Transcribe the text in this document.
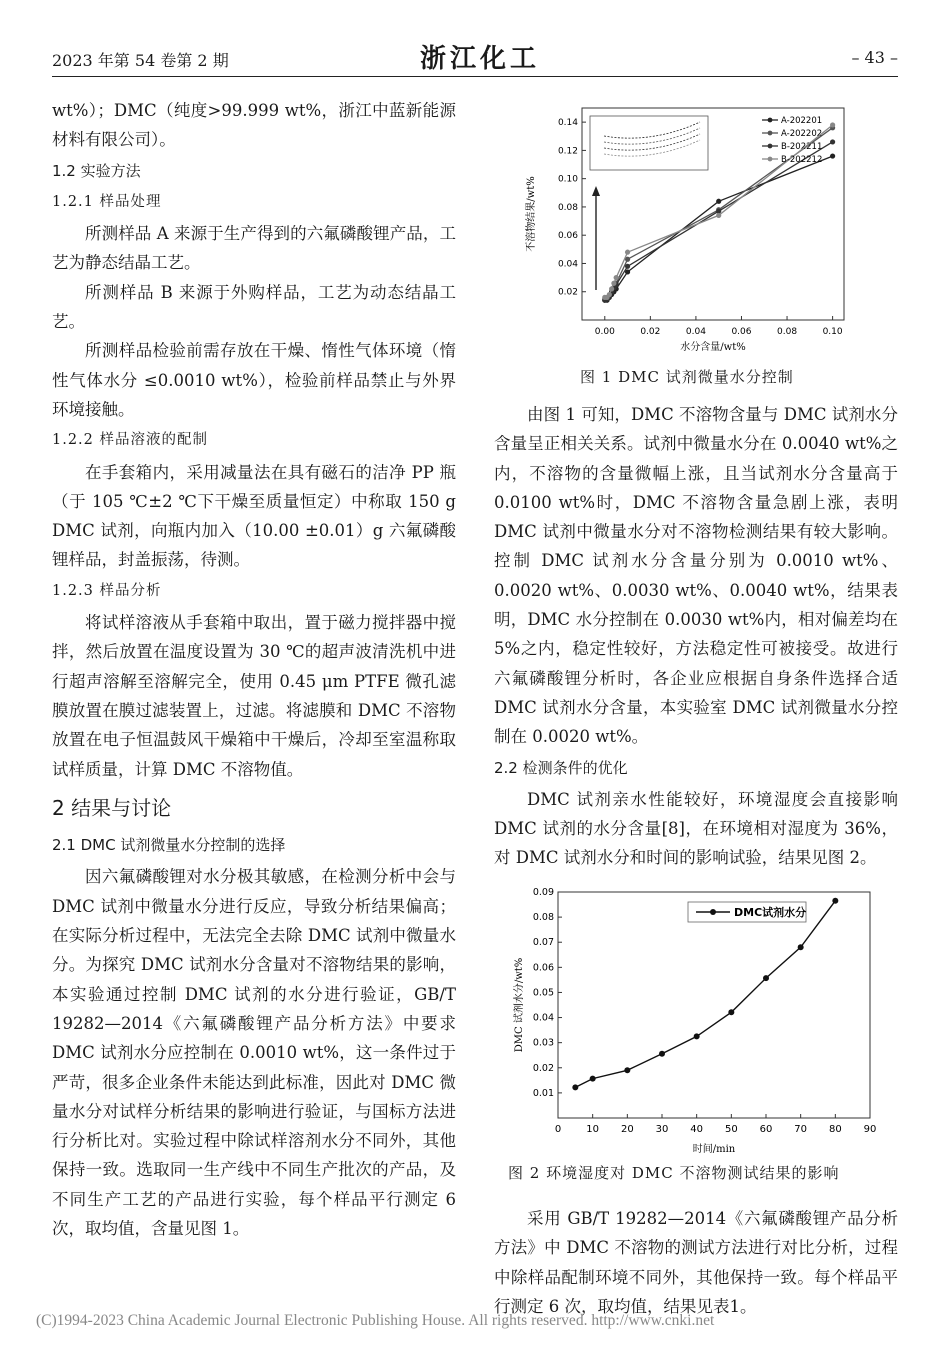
2023 年第 54 卷第 2 期	浙江化工	– 43 –

wt%）；DMC（纯度>99.999 wt%，浙江中蓝新能源材料有限公司）。

1.2 实验方法
1.2.1 样品处理

所测样品 A 来源于生产得到的六氟磷酸锂产品，工艺为静态结晶工艺。

所测样品 B 来源于外购样品，工艺为动态结晶工艺。

所测样品检验前需存放在干燥、惰性气体环境（惰性气体水分 ≤0.0010 wt%），检验前样品禁止与外界环境接触。

1.2.2 样品溶液的配制

在手套箱内，采用减量法在具有磁石的洁净 PP 瓶（于 105 ℃±2 ℃下干燥至质量恒定）中称取 150 g DMC 试剂，向瓶内加入（10.00 ±0.01）g 六氟磷酸锂样品，封盖振荡，待测。

1.2.3 样品分析

将试样溶液从手套箱中取出，置于磁力搅拌器中搅拌，然后放置在温度设置为 30 ℃的超声波清洗机中进行超声溶解至溶解完全，使用 0.45 μm PTFE 微孔滤膜放置在膜过滤装置上，过滤。将滤膜和 DMC 不溶物放置在电子恒温鼓风干燥箱中干燥后，冷却至室温称取试样质量，计算 DMC 不溶物值。

2 结果与讨论
2.1 DMC 试剂微量水分控制的选择

因六氟磷酸锂对水分极其敏感，在检测分析中会与 DMC 试剂中微量水分进行反应，导致分析结果偏高；在实际分析过程中，无法完全去除 DMC 试剂中微量水分。为探究 DMC 试剂水分含量对不溶物结果的影响，本实验通过控制 DMC 试剂的水分进行验证，GB/T 19282—2014《六氟磷酸锂产品分析方法》中要求 DMC 试剂水分应控制在 0.0010 wt%，这一条件过于严苛，很多企业条件未能达到此标准，因此对 DMC 微量水分对试样分析结果的影响进行验证，与国标方法进行分析比对。实验过程中除试样溶剂水分不同外，其他保持一致。选取同一生产线中不同生产批次的产品，及不同生产工艺的产品进行实验，每个样品平行测定 6 次，取均值，含量见图 1。

0.00	0.02	0.04	0.06	0.08	0.10
0.02
0.04
0.06
0.08
0.10
0.12
0.14
水分含量/wt%
不溶物结果/wt%
A-202201
A-202202
B-202211
B-202212
图 1 DMC 试剂微量水分控制

由图 1 可知，DMC 不溶物含量与 DMC 试剂水分含量呈正相关关系。试剂中微量水分在 0.0040 wt%之内，不溶物的含量微幅上涨，且当试剂水分含量高于 0.0100 wt%时，DMC 不溶物含量急剧上涨，表明 DMC 试剂中微量水分对不溶物检测结果有较大影响。控制 DMC 试剂水分含量分别为 0.0010 wt%、0.0020 wt%、0.0030 wt%、0.0040 wt%，结果表明，DMC 水分控制在 0.0030 wt%内，相对偏差均在 5%之内，稳定性较好，方法稳定性可被接受。故进行六氟磷酸锂分析时，各企业应根据自身条件选择合适 DMC 试剂水分含量，本实验室 DMC 试剂微量水分控制在 0.0020 wt%。

2.2 检测条件的优化

DMC 试剂亲水性能较好，环境湿度会直接影响 DMC 试剂的水分含量[8]，在环境相对湿度为 36%，对 DMC 试剂水分和时间的影响试验，结果见图 2。

0	10 20 30 40 50 60 70 80 90
0.01
0.02
0.03
0.04
0.05
0.06
0.07
0.08
0.09
时间/min
DMC 试剂水分/wt%
DMC试剂水分
图 2 环境湿度对 DMC 不溶物测试结果的影响

采用 GB/T 19282—2014《六氟磷酸锂产品分析方法》中 DMC 不溶物的测试方法进行对比分析，过程中除样品配制环境不同外，其他保持一致。每个样品平行测定 6 次，取均值，结果见表1。

(C)1994-2023 China Academic Journal Electronic Publishing House. All rights reserved. http://www.cnki.net
